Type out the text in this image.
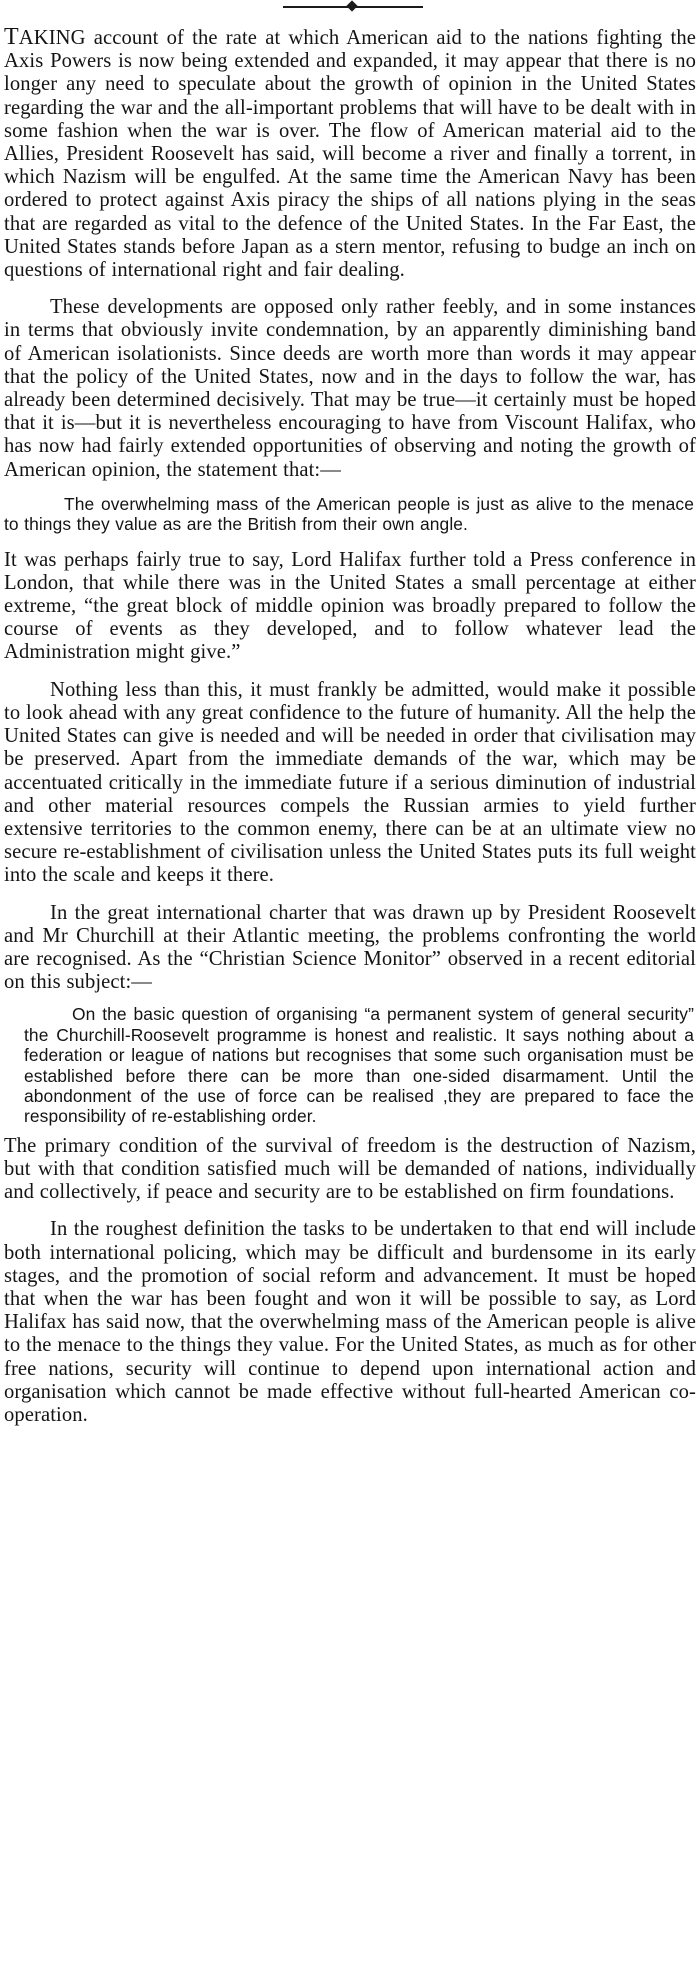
TAKING account of the rate at which American aid to the nations fighting the Axis Powers is now being extended and expanded, it may appear that there is no longer any need to speculate about the growth of opinion in the United States regarding the war and the all-important problems that will have to be dealt with in some fashion when the war is over. The flow of American material aid to the Allies, President Roosevelt has said, will become a river and finally a torrent, in which Nazism will be engulfed. At the same time the American Navy has been ordered to protect against Axis piracy the ships of all nations plying in the seas that are regarded as vital to the defence of the United States. In the Far East, the United States stands before Japan as a stern mentor, refusing to budge an inch on questions of international right and fair dealing.

These developments are opposed only rather feebly, and in some instances in terms that obviously invite condemnation, by an apparently diminishing band of American isolationists. Since deeds are worth more than words it may appear that the policy of the United States, now and in the days to follow the war, has already been determined decisively. That may be true—it certainly must be hoped that it is—but it is nevertheless encouraging to have from Viscount Halifax, who has now had fairly extended opportunities of observing and noting the growth of American opinion, the statement that:—

The overwhelming mass of the American people is just as alive to the menace to things they value as are the British from their own angle.

It was perhaps fairly true to say, Lord Halifax further told a Press conference in London, that while there was in the United States a small percentage at either extreme, “the great block of middle opinion was broadly prepared to follow the course of events as they developed, and to follow whatever lead the Administration might give.”

Nothing less than this, it must frankly be admitted, would make it possible to look ahead with any great confidence to the future of humanity. All the help the United States can give is needed and will be needed in order that civilisation may be preserved. Apart from the immediate demands of the war, which may be accentuated critically in the immediate future if a serious diminution of industrial and other material resources compels the Russian armies to yield further extensive territories to the common enemy, there can be at an ultimate view no secure re-establishment of civilisation unless the United States puts its full weight into the scale and keeps it there.

In the great international charter that was drawn up by President Roosevelt and Mr Churchill at their Atlantic meeting, the problems confronting the world are recognised. As the “Christian Science Monitor” observed in a recent editorial on this subject:—

On the basic question of organising “a permanent system of general security” the Churchill-Roosevelt programme is honest and realistic. It says nothing about a federation or league of nations but recognises that some such organisation must be established before there can be more than one-sided disarmament. Until the abondonment of the use of force can be realised ,they are prepared to face the responsibility of re-establishing order.

The primary condition of the survival of freedom is the destruction of Nazism, but with that condition satisfied much will be demanded of nations, individually and collectively, if peace and security are to be established on firm foundations.

In the roughest definition the tasks to be undertaken to that end will include both international policing, which may be difficult and burdensome in its early stages, and the promotion of social reform and advancement. It must be hoped that when the war has been fought and won it will be possible to say, as Lord Halifax has said now, that the overwhelming mass of the American people is alive to the menace to the things they value. For the United States, as much as for other free nations, security will continue to depend upon international action and organisation which cannot be made effective without full-hearted American co-operation.
